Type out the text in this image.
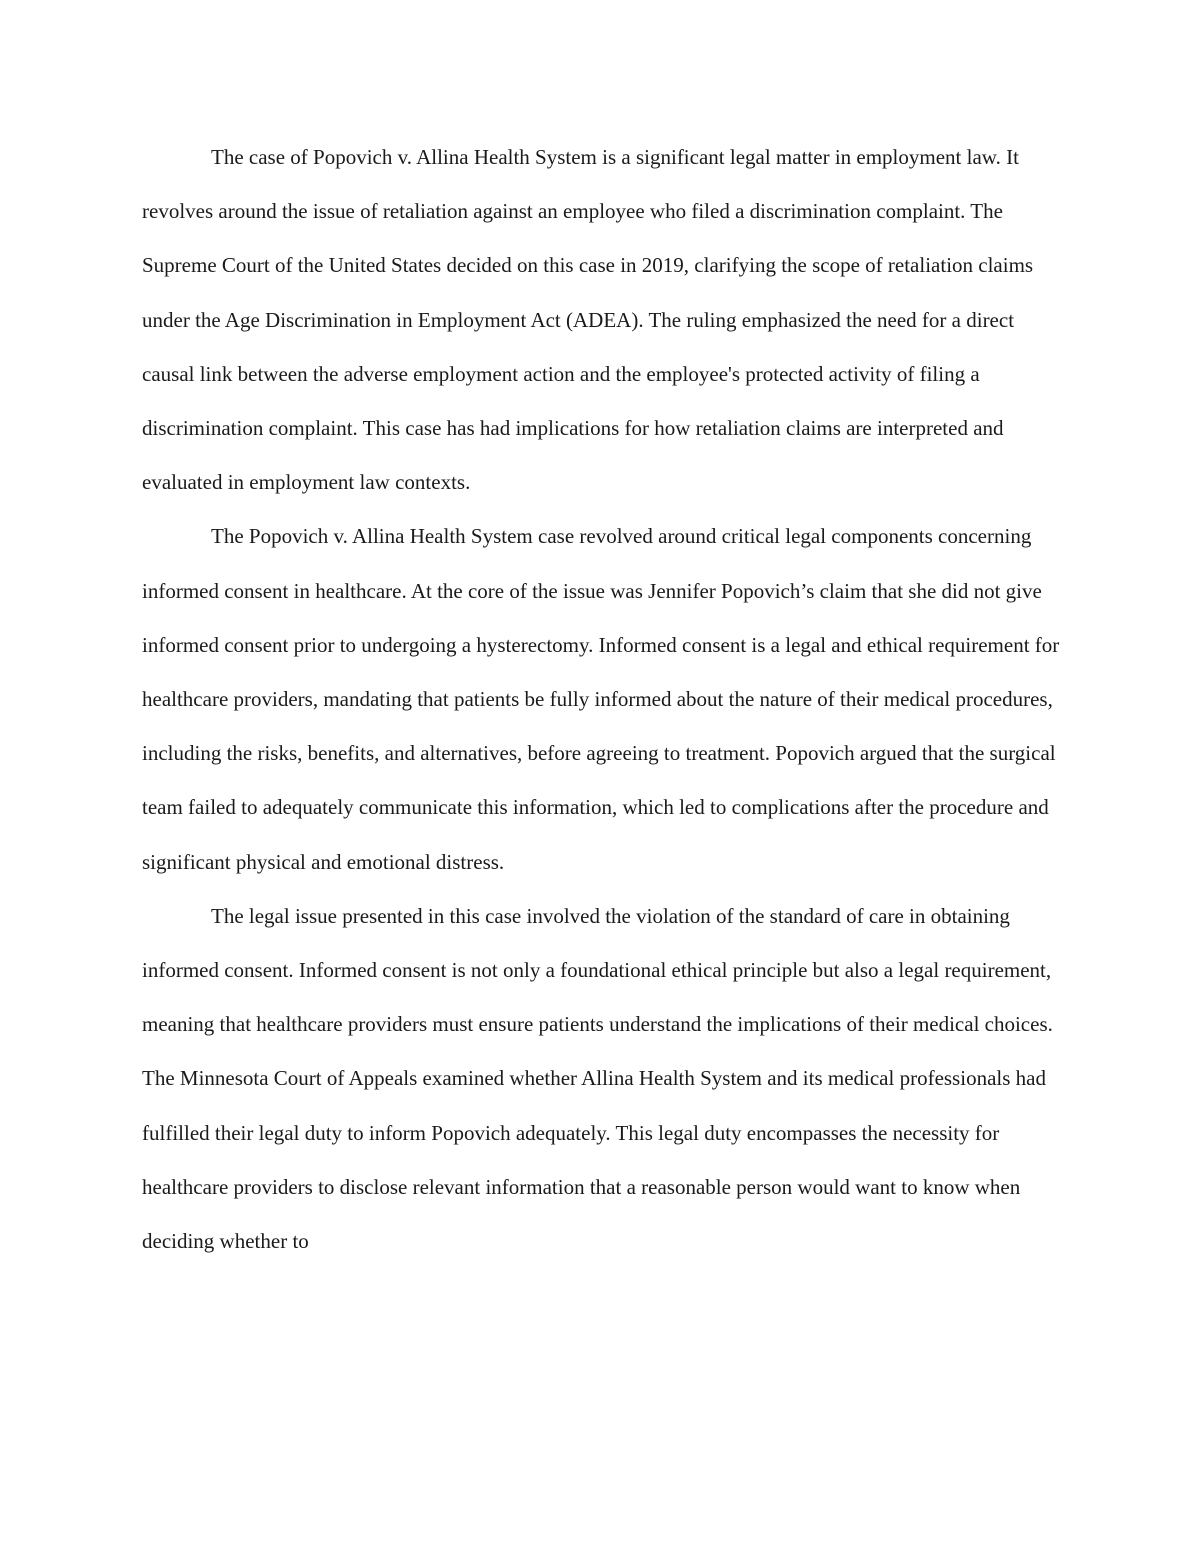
The case of Popovich v. Allina Health System is a significant legal matter in employment law. It revolves around the issue of retaliation against an employee who filed a discrimination complaint. The Supreme Court of the United States decided on this case in 2019, clarifying the scope of retaliation claims under the Age Discrimination in Employment Act (ADEA). The ruling emphasized the need for a direct causal link between the adverse employment action and the employee's protected activity of filing a discrimination complaint. This case has had implications for how retaliation claims are interpreted and evaluated in employment law contexts.

The Popovich v. Allina Health System case revolved around critical legal components concerning informed consent in healthcare. At the core of the issue was Jennifer Popovich’s claim that she did not give informed consent prior to undergoing a hysterectomy. Informed consent is a legal and ethical requirement for healthcare providers, mandating that patients be fully informed about the nature of their medical procedures, including the risks, benefits, and alternatives, before agreeing to treatment. Popovich argued that the surgical team failed to adequately communicate this information, which led to complications after the procedure and significant physical and emotional distress.

The legal issue presented in this case involved the violation of the standard of care in obtaining informed consent. Informed consent is not only a foundational ethical principle but also a legal requirement, meaning that healthcare providers must ensure patients understand the implications of their medical choices. The Minnesota Court of Appeals examined whether Allina Health System and its medical professionals had fulfilled their legal duty to inform Popovich adequately. This legal duty encompasses the necessity for healthcare providers to disclose relevant information that a reasonable person would want to know when deciding whether to
